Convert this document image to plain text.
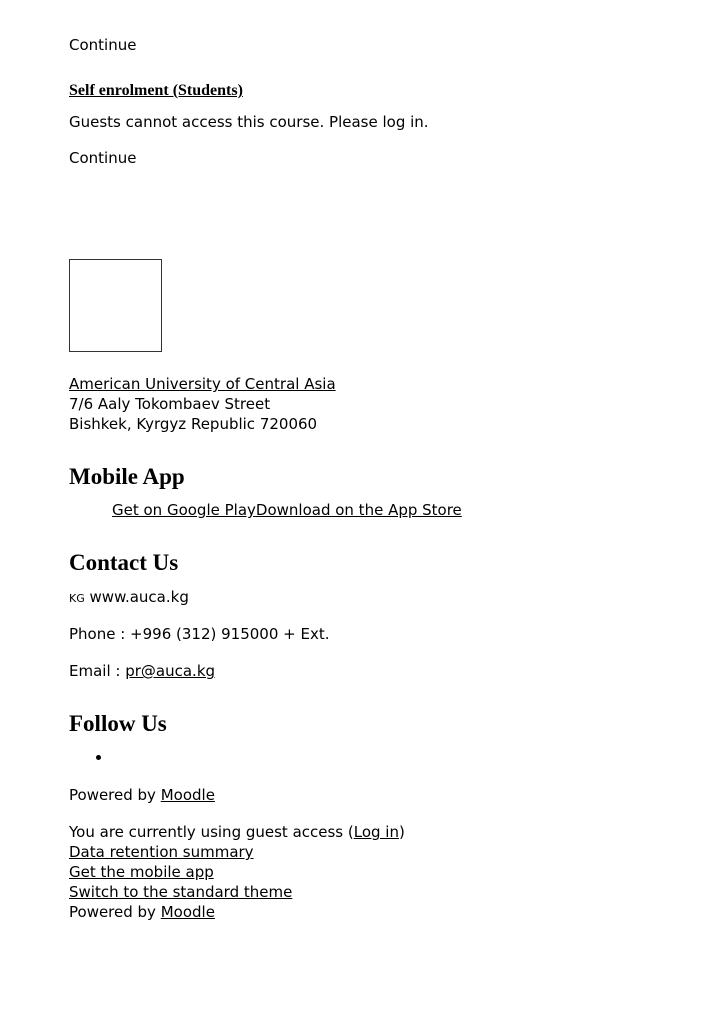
Continue
Self enrolment (Students)
Guests cannot access this course. Please log in.
Continue
American University of Central Asia
7/6 Aaly Tokombaev Street
Bishkek, Kyrgyz Republic 720060
Mobile App
Get on Google PlayDownload on the App Store
Contact Us
KG www.auca.kg
Phone : +996 (312) 915000 + Ext.
Email : pr@auca.kg
Follow Us
Powered by Moodle
You are currently using guest access (Log in)
Data retention summary
Get the mobile app
Switch to the standard theme
Powered by Moodle
